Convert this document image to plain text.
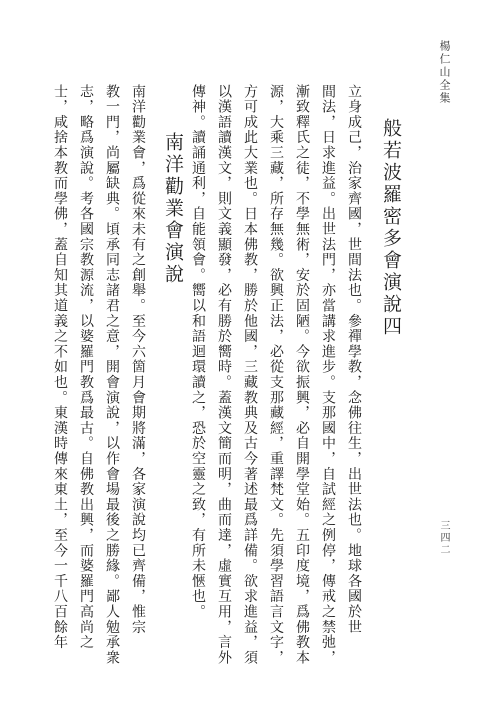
楊仁山全集
般若波羅密多會演說四
立身成己，治家齊國，世間法也。參禪學教，念佛往生，出世法也。地球各國於世
間法，日求進益。出世法門，亦當講求進步。支那國中，自試經之例停，傳戒之禁弛，
漸致釋氏之徒，不學無術，安於固陋。今欲振興，必自開學堂始。五印度境，爲佛教本
源，大乘三藏，所存無幾。欲興正法，必從支那藏經，重譯梵文。先須學習語言文字，
方可成此大業也。日本佛教，勝於他國，三藏教典及古今著述最爲詳備。欲求進益，須
以漢語讀漢文，則文義顯發，必有勝於嚮時。蓋漢文簡而明，曲而達，虛實互用，言外
傳神。讀誦通利，自能領會。嚮以和語迴環讀之，恐於空靈之致，有所未愜也。
南洋勸業會演說
南洋勸業會，爲從來未有之創舉。至今六箇月會期將滿，各家演說均已齊備，惟宗
教一門，尚屬缺典。頃承同志諸君之意，開會演說，以作會場最後之勝緣。鄙人勉承衆
志，略爲演說。考各國宗教源流，以婆羅門教爲最古。自佛教出興，而婆羅門高尚之
士，咸捨本教而學佛，蓋自知其道義之不如也。東漢時傳來東土，至今一千八百餘年	三四二
